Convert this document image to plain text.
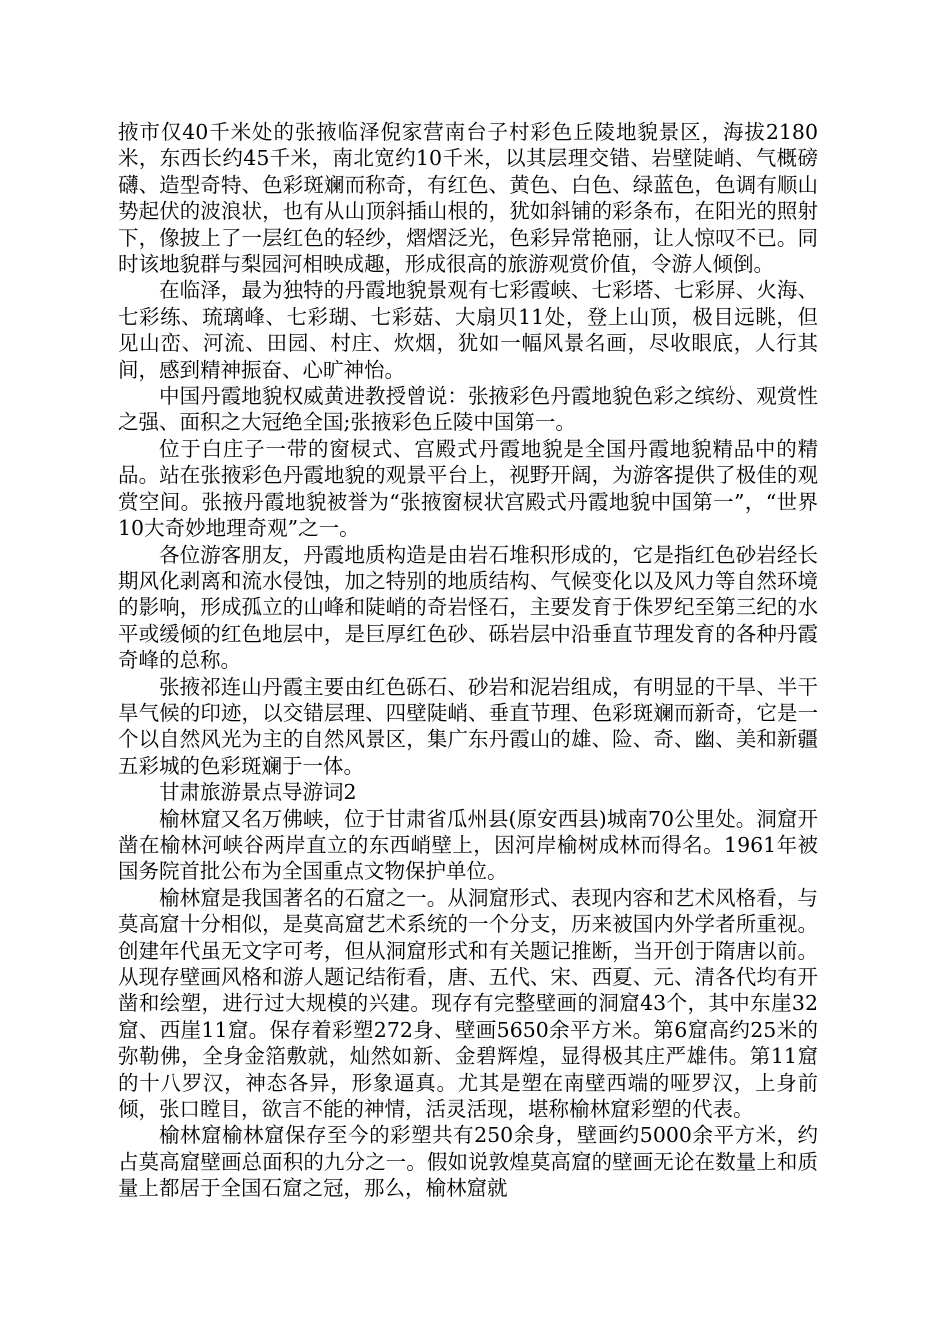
掖市仅40千米处的张掖临泽倪家营南台子村彩色丘陵地貌景区，海拔2180米，东西长约45千米，南北宽约10千米，以其层理交错、岩壁陡峭、气概磅礴、造型奇特、色彩斑斓而称奇，有红色、黄色、白色、绿蓝色，色调有顺山势起伏的波浪状，也有从山顶斜插山根的，犹如斜铺的彩条布，在阳光的照射下，像披上了一层红色的轻纱，熠熠泛光，色彩异常艳丽，让人惊叹不已。同时该地貌群与梨园河相映成趣，形成很高的旅游观赏价值，令游人倾倒。

在临泽，最为独特的丹霞地貌景观有七彩霞峡、七彩塔、七彩屏、火海、七彩练、琉璃峰、七彩瑚、七彩菇、大扇贝11处，登上山顶，极目远眺，但见山峦、河流、田园、村庄、炊烟，犹如一幅风景名画，尽收眼底，人行其间，感到精神振奋、心旷神怡。

中国丹霞地貌权威黄进教授曾说：张掖彩色丹霞地貌色彩之缤纷、观赏性之强、面积之大冠绝全国;张掖彩色丘陵中国第一。

位于白庄子一带的窗棂式、宫殿式丹霞地貌是全国丹霞地貌精品中的精品。站在张掖彩色丹霞地貌的观景平台上，视野开阔，为游客提供了极佳的观赏空间。张掖丹霞地貌被誉为“张掖窗棂状宫殿式丹霞地貌中国第一”，“世界10大奇妙地理奇观”之一。

各位游客朋友，丹霞地质构造是由岩石堆积形成的，它是指红色砂岩经长期风化剥离和流水侵蚀，加之特别的地质结构、气候变化以及风力等自然环境的影响，形成孤立的山峰和陡峭的奇岩怪石，主要发育于侏罗纪至第三纪的水平或缓倾的红色地层中，是巨厚红色砂、砾岩层中沿垂直节理发育的各种丹霞奇峰的总称。

张掖祁连山丹霞主要由红色砾石、砂岩和泥岩组成，有明显的干旱、半干旱气候的印迹，以交错层理、四壁陡峭、垂直节理、色彩斑斓而新奇，它是一个以自然风光为主的自然风景区，集广东丹霞山的雄、险、奇、幽、美和新疆五彩城的色彩斑斓于一体。

甘肃旅游景点导游词2

榆林窟又名万佛峡，位于甘肃省瓜州县(原安西县)城南70公里处。洞窟开凿在榆林河峡谷两岸直立的东西峭壁上，因河岸榆树成林而得名。1961年被国务院首批公布为全国重点文物保护单位。

榆林窟是我国著名的石窟之一。从洞窟形式、表现内容和艺术风格看，与莫高窟十分相似，是莫高窟艺术系统的一个分支，历来被国内外学者所重视。创建年代虽无文字可考，但从洞窟形式和有关题记推断，当开创于隋唐以前。从现存壁画风格和游人题记结衔看，唐、五代、宋、西夏、元、清各代均有开凿和绘塑，进行过大规模的兴建。现存有完整壁画的洞窟43个，其中东崖32窟、西崖11窟。保存着彩塑272身、壁画5650余平方米。第6窟高约25米的弥勒佛，全身金箔敷就，灿然如新、金碧辉煌，显得极其庄严雄伟。第11窟的十八罗汉，神态各异，形象逼真。尤其是塑在南壁西端的哑罗汉，上身前倾，张口瞠目，欲言不能的神情，活灵活现，堪称榆林窟彩塑的代表。

榆林窟榆林窟保存至今的彩塑共有250余身，壁画约5000余平方米，约占莫高窟壁画总面积的九分之一。假如说敦煌莫高窟的壁画无论在数量上和质量上都居于全国石窟之冠，那么，榆林窟就
